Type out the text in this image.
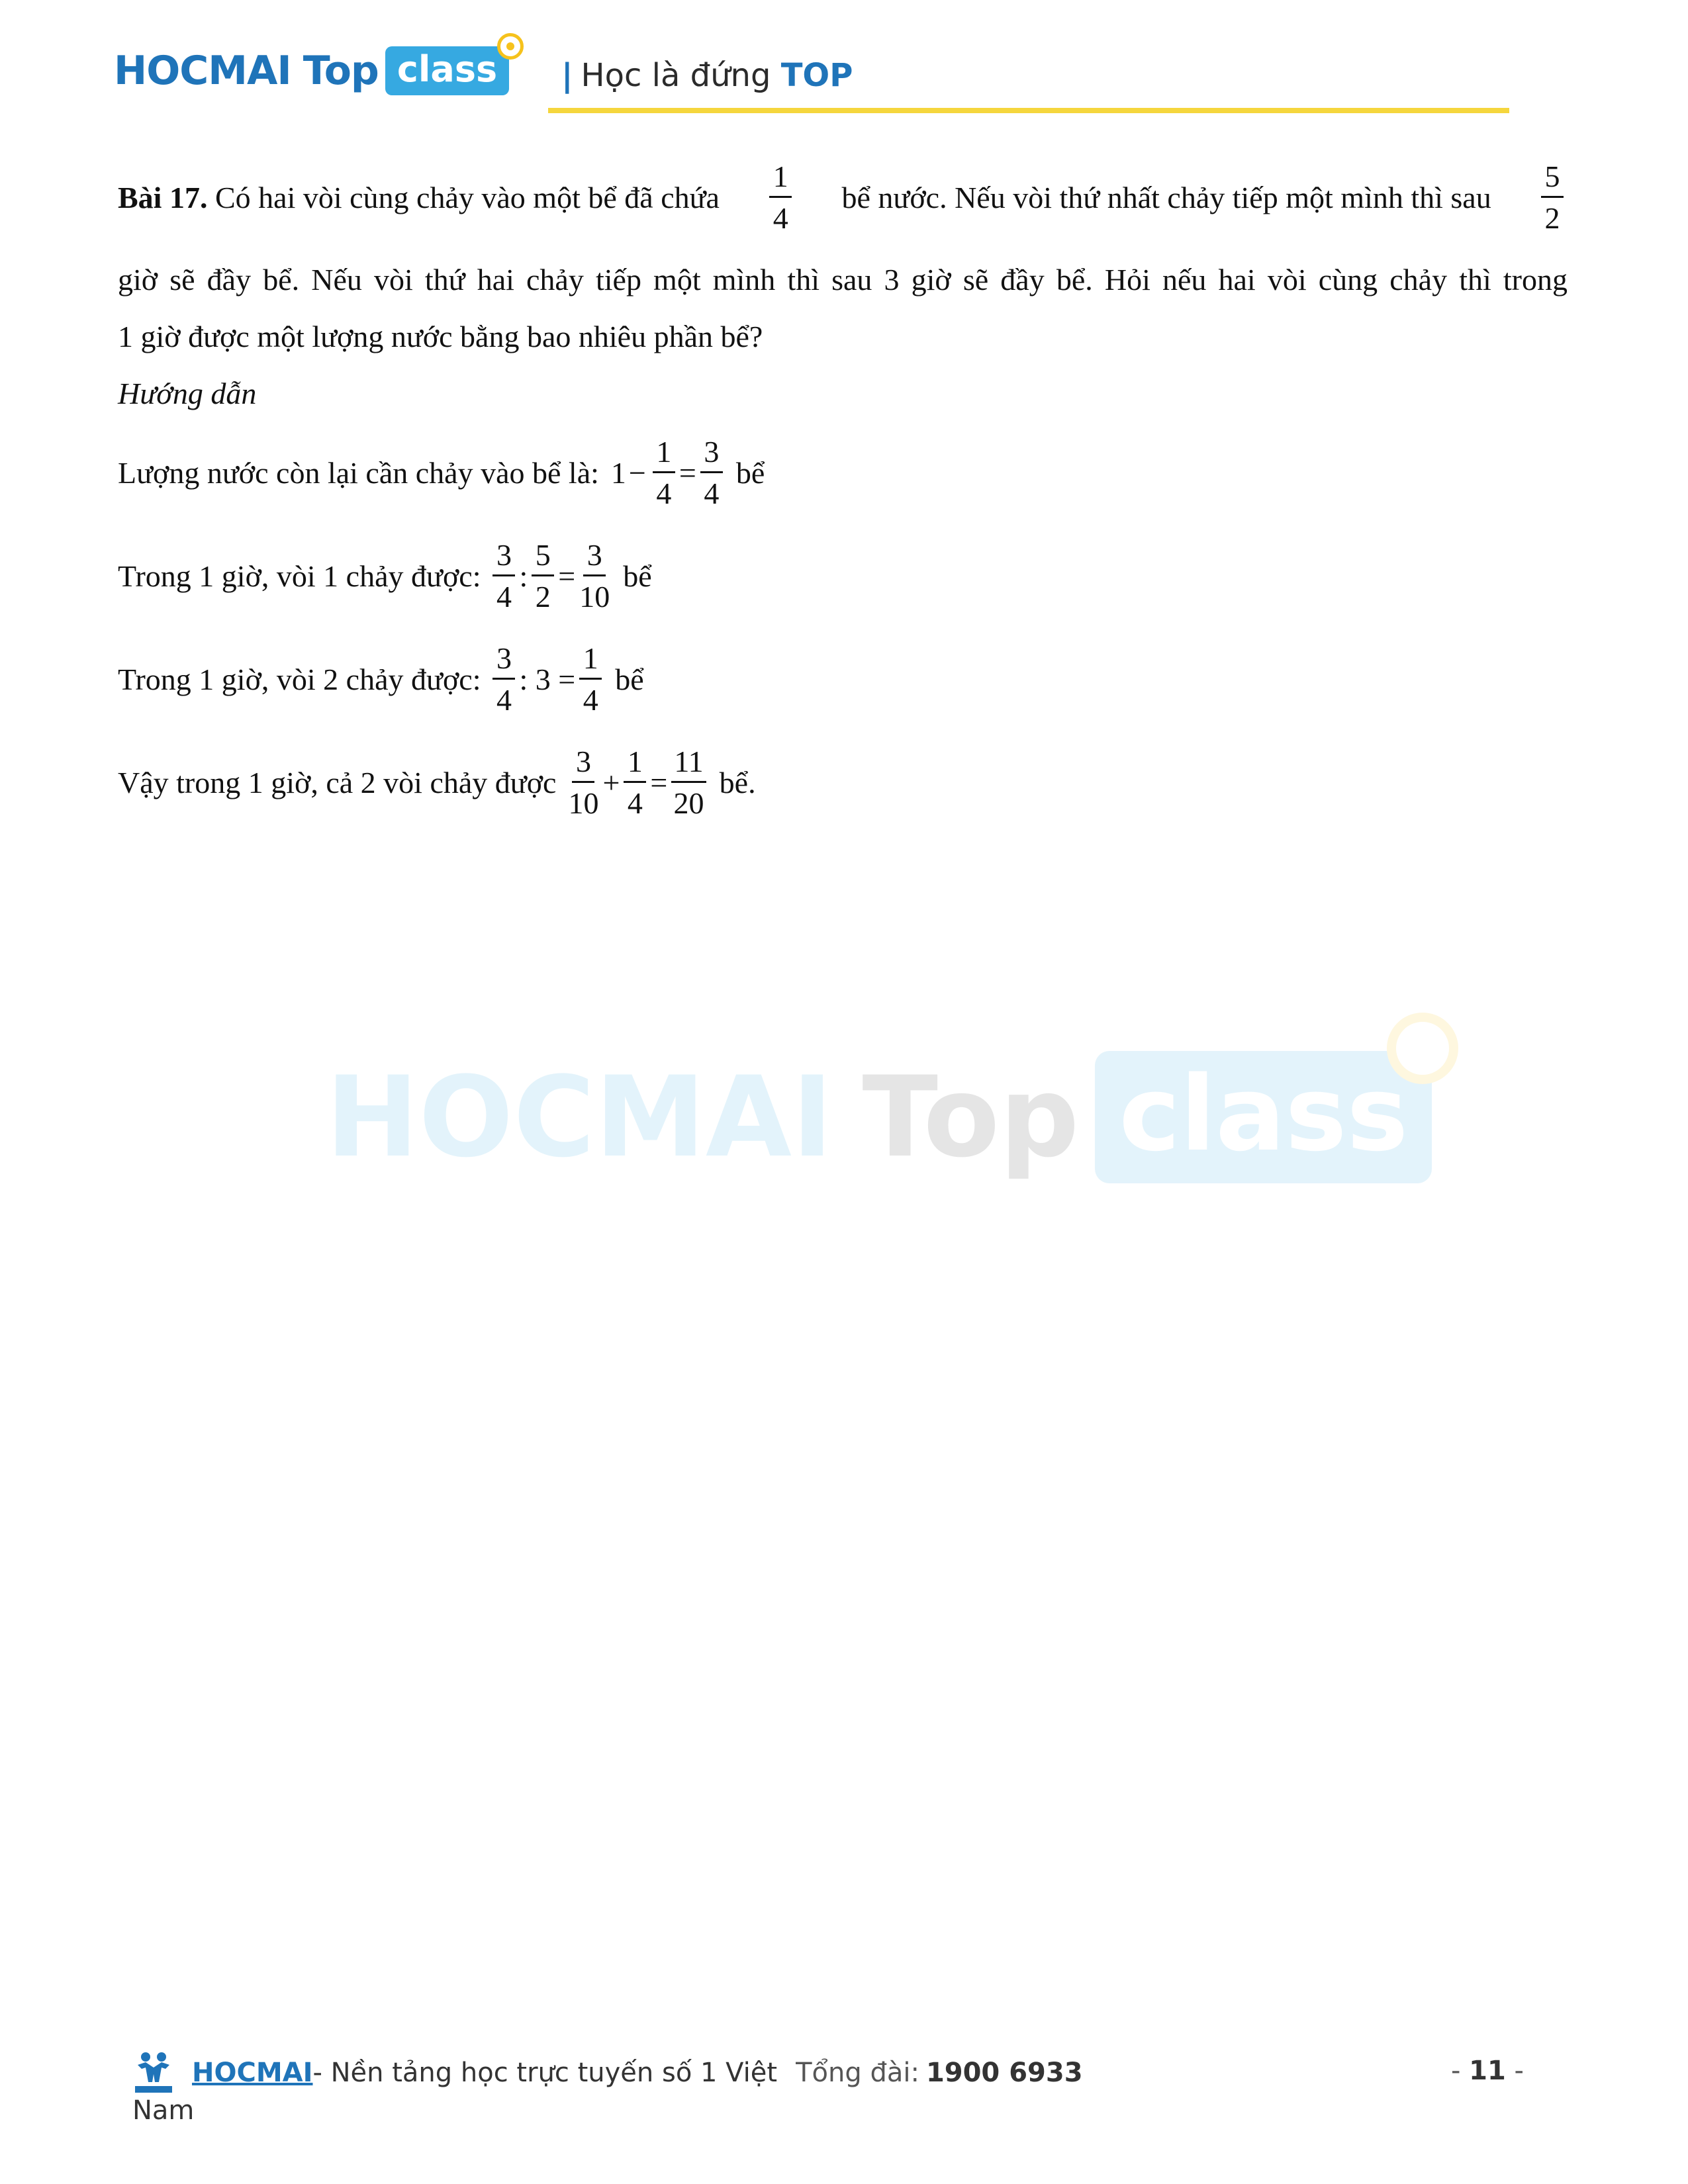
HOCMAI Top class	| Học là đứng TOP
Bài 17. Có hai vòi cùng chảy vào một bể đã chứa
1
4
bể nước. Nếu vòi thứ nhất chảy tiếp một mình thì sau
5
2
giờ sẽ đầy bể. Nếu vòi thứ hai chảy tiếp một mình thì sau 3 giờ sẽ đầy bể. Hỏi nếu hai vòi cùng chảy thì trong
1 giờ được một lượng nước bằng bao nhiêu phần bể?
Hướng dẫn
Lượng nước còn lại cần chảy vào bể là: $1 - \frac{1}{4} = \frac{3}{4}$ bể
Trong 1 giờ, vòi 1 chảy được:
3
4
: $\frac{5}{2} = \frac{3}{10}$ bể
Trong 1 giờ, vòi 2 chảy được:
3
4
: $3 = \frac{1}{4}$ bể
Vậy trong 1 giờ, cả 2 vòi chảy được
3
10
+ $\frac{1}{4} = \frac{11}{20}$ bể.
HOCMAI Top class
HOCMAI - Nền tảng học trực tuyến số 1 Việt Tổng đài: 1900 6933
Nam
- 11 -
